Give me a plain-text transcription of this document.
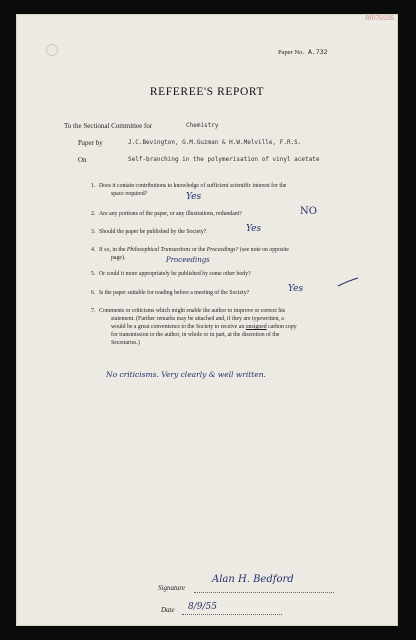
RR/75/235
Paper No. A.732
REFEREE'S REPORT
To the Sectional Committee for	Chemistry
Paper by	J.C.Bevington, G.M.Guzman & H.W.Melville, F.R.S.
On	Self-branching in the polymerisation of vinyl acetate
1. Does it contain contributions to knowledge of sufficient scientific interest for the
space required?	Yes
2. Are any portions of the paper, or any illustrations, redundant?	NO
3. Should the paper be published by the Society?	Yes
4. If so, in the Philosophical Transactions or the Proceedings? (see note on opposite
page).	Proceedings
5. Or could it more appropriately be published by some other body?
6. Is the paper suitable for reading before a meeting of the Society?	Yes
7. Comments or criticisms which might enable the author to improve or correct his
statement. (Further remarks may be attached and, if they are typewritten, a
would be a great convenience to the Society to receive an unsigned carbon copy
for transmission to the author, in whole or in part, at the discretion of the
Secretaries.)
No criticisms. Very clearly & well written.
Signature
Alan H. Bedford
Date 8/9/55
